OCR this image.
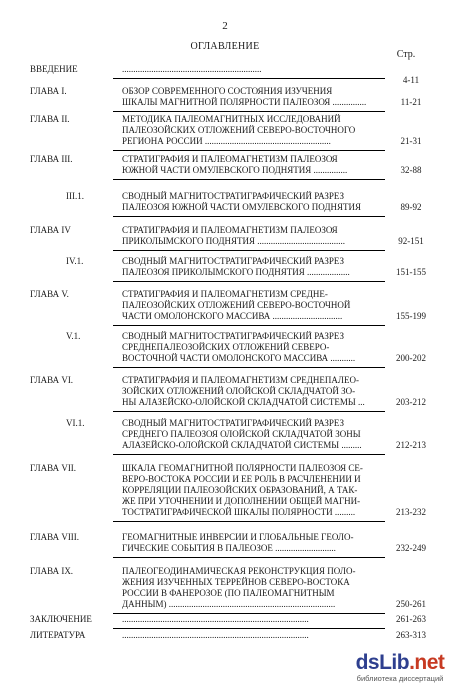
2
ОГЛАВЛЕНИЕ
Стр.
ВВЕДЕНИЕ	..............................................................
4-11
ГЛАВА I.	ОБЗОР СОВРЕМЕННОГО СОСТОЯНИЯ ИЗУЧЕНИЯ
ШКАЛЫ МАГНИТНОЙ ПОЛЯРНОСТИ ПАЛЕОЗОЯ ...............	11-21
ГЛАВА II.	МЕТОДИКА ПАЛЕОМАГНИТНЫХ ИССЛЕДОВАНИЙ
ПАЛЕОЗОЙСКИХ ОТЛОЖЕНИЙ СЕВЕРО-ВОСТОЧНОГО
РЕГИОНА РОССИИ ........................................................	21-31
ГЛАВА III.	СТРАТИГРАФИЯ И ПАЛЕОМАГНЕТИЗМ ПАЛЕОЗОЯ
ЮЖНОЙ ЧАСТИ ОМУЛЕВСКОГО ПОДНЯТИЯ ...............	32-88
III.1.	СВОДНЫЙ МАГНИТОСТРАТИГРАФИЧЕСКИЙ РАЗРЕЗ
ПАЛЕОЗОЯ ЮЖНОЙ ЧАСТИ ОМУЛЕВСКОГО ПОДНЯТИЯ	89-92
ГЛАВА IV	СТРАТИГРАФИЯ И ПАЛЕОМАГНЕТИЗМ ПАЛЕОЗОЯ
ПРИКОЛЫМСКОГО ПОДНЯТИЯ .......................................	92-151
IV.1.	СВОДНЫЙ МАГНИТОСТРАТИГРАФИЧЕСКИЙ РАЗРЕЗ
ПАЛЕОЗОЯ ПРИКОЛЫМСКОГО ПОДНЯТИЯ ...................	151-155
ГЛАВА V.	СТРАТИГРАФИЯ И ПАЛЕОМАГНЕТИЗМ СРЕДНЕ-
ПАЛЕОЗОЙСКИХ ОТЛОЖЕНИЙ СЕВЕРО-ВОСТОЧНОЙ
ЧАСТИ ОМОЛОНСКОГО МАССИВА ...............................	155-199
V.1.	СВОДНЫЙ МАГНИТОСТРАТИГРАФИЧЕСКИЙ РАЗРЕЗ
СРЕДНЕПАЛЕОЗОЙСКИХ ОТЛОЖЕНИЙ СЕВЕРО-
ВОСТОЧНОЙ ЧАСТИ ОМОЛОНСКОГО МАССИВА ...........	200-202
ГЛАВА VI.	СТРАТИГРАФИЯ И ПАЛЕОМАГНЕТИЗМ СРЕДНЕПАЛЕО-
ЗОЙСКИХ ОТЛОЖЕНИЙ ОЛОЙСКОЙ СКЛАДЧАТОЙ ЗО-
НЫ АЛАЗЕЙСКО-ОЛОЙСКОЙ СКЛАДЧАТОЙ СИСТЕМЫ ...	203-212
VI.1.	СВОДНЫЙ МАГНИТОСТРАТИГРАФИЧЕСКИЙ РАЗРЕЗ
СРЕДНЕГО ПАЛЕОЗОЯ ОЛОЙСКОЙ СКЛАДЧАТОЙ ЗОНЫ
АЛАЗЕЙСКО-ОЛОЙСКОЙ СКЛАДЧАТОЙ СИСТЕМЫ .........	212-213
ГЛАВА VII.	ШКАЛА ГЕОМАГНИТНОЙ ПОЛЯРНОСТИ ПАЛЕОЗОЯ СЕ-
ВЕРО-ВОСТОКА РОССИИ И ЕЕ РОЛЬ В РАСЧЛЕНЕНИИ И
КОРРЕЛЯЦИИ ПАЛЕОЗОЙСКИХ ОБРАЗОВАНИЙ, А ТАК-
ЖЕ ПРИ УТОЧНЕНИИ И ДОПОЛНЕНИИ ОБЩЕЙ МАГНИ-
ТОСТРАТИГРАФИЧЕСКОЙ ШКАЛЫ ПОЛЯРНОСТИ .........	213-232
ГЛАВА VIII.	ГЕОМАГНИТНЫЕ ИНВЕРСИИ И ГЛОБАЛЬНЫЕ ГЕОЛО-
ГИЧЕСКИЕ СОБЫТИЯ В ПАЛЕОЗОЕ ...........................	232-249
ГЛАВА IX.	ПАЛЕОГЕОДИНАМИЧЕСКАЯ РЕКОНСТРУКЦИЯ ПОЛО-
ЖЕНИЯ ИЗУЧЕННЫХ ТЕРРЕЙНОВ СЕВЕРО-ВОСТОКА
РОССИИ В ФАНЕРОЗОЕ (ПО ПАЛЕОМАГНИТНЫМ
ДАННЫМ) ..........................................................................	250-261
ЗАКЛЮЧЕНИЕ	...................................................................................	261-263
ЛИТЕРАТУРА	...................................................................................	263-313
dsLib.net
библиотека диссертаций
